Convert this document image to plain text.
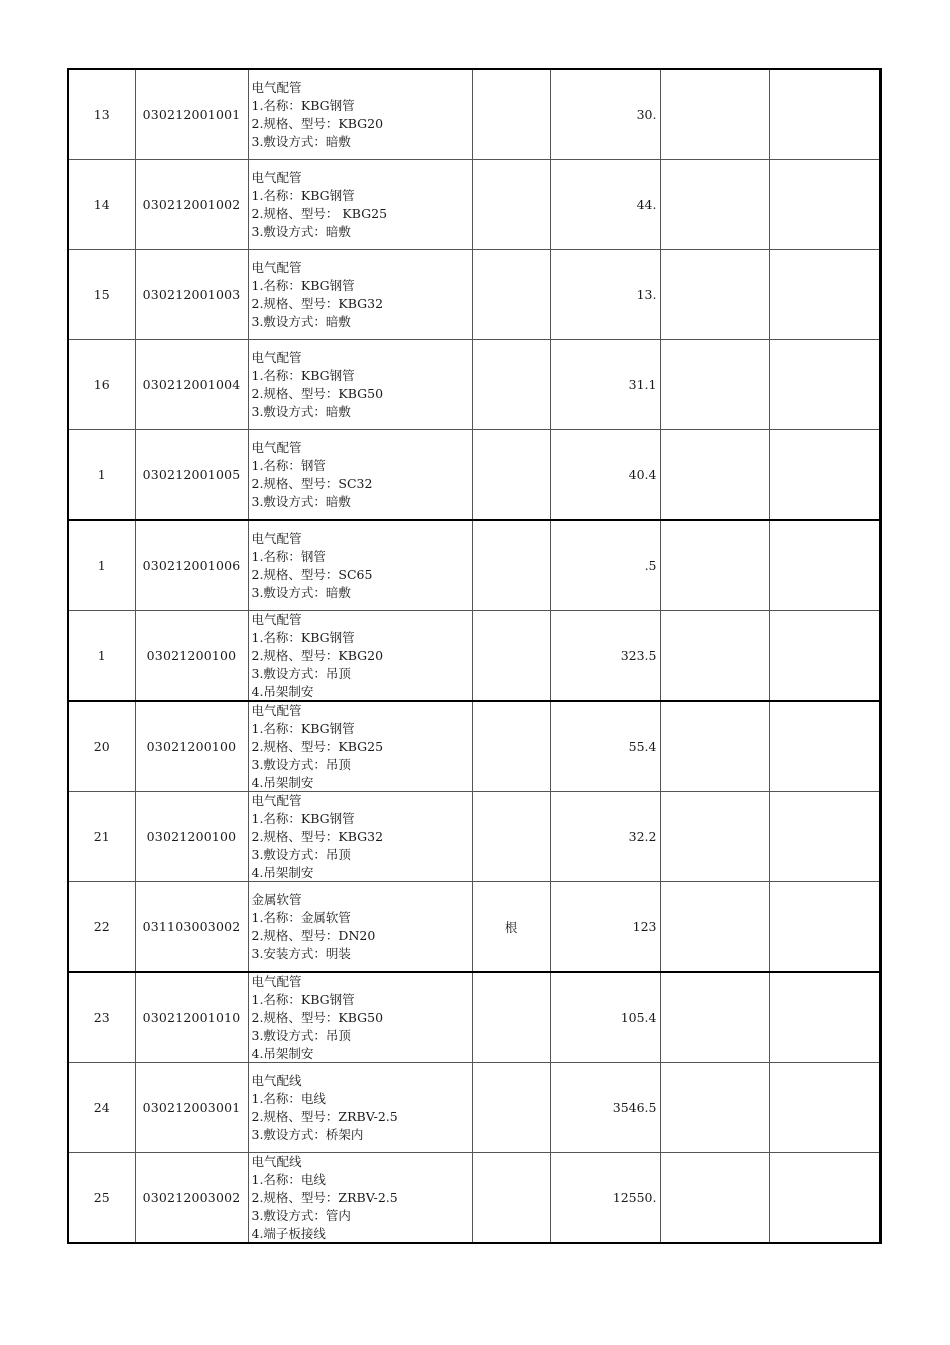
13	030212001001	电气配管
1.名称：KBG钢管
2.规格、型号：KBG20
3.敷设方式：暗敷		30.		
14	030212001002	电气配管
1.名称：KBG钢管
2.规格、型号： KBG25
3.敷设方式：暗敷		44.		
15	030212001003	电气配管
1.名称：KBG钢管
2.规格、型号：KBG32
3.敷设方式：暗敷		13.		
16	030212001004	电气配管
1.名称：KBG钢管
2.规格、型号：KBG50
3.敷设方式：暗敷		31.1		
1	030212001005	电气配管
1.名称：钢管
2.规格、型号：SC32
3.敷设方式：暗敷		40.4		
1	030212001006	电气配管
1.名称：钢管
2.规格、型号：SC65
3.敷设方式：暗敷		.5		
1	03021200100	电气配管
1.名称：KBG钢管
2.规格、型号：KBG20
3.敷设方式：吊顶
4.吊架制安		323.5		
20	03021200100	电气配管
1.名称：KBG钢管
2.规格、型号：KBG25
3.敷设方式：吊顶
4.吊架制安		55.4		
21	03021200100	电气配管
1.名称：KBG钢管
2.规格、型号：KBG32
3.敷设方式：吊顶
4.吊架制安		32.2		
22	031103003002	金属软管
1.名称：金属软管
2.规格、型号：DN20
3.安装方式：明装	根	123		
23	030212001010	电气配管
1.名称：KBG钢管
2.规格、型号：KBG50
3.敷设方式：吊顶
4.吊架制安		105.4		
24	030212003001	电气配线
1.名称：电线
2.规格、型号：ZRBV-2.5
3.敷设方式：桥架内		3546.5		
25	030212003002	电气配线
1.名称：电线
2.规格、型号：ZRBV-2.5
3.敷设方式：管内
4.端子板接线		12550.		
